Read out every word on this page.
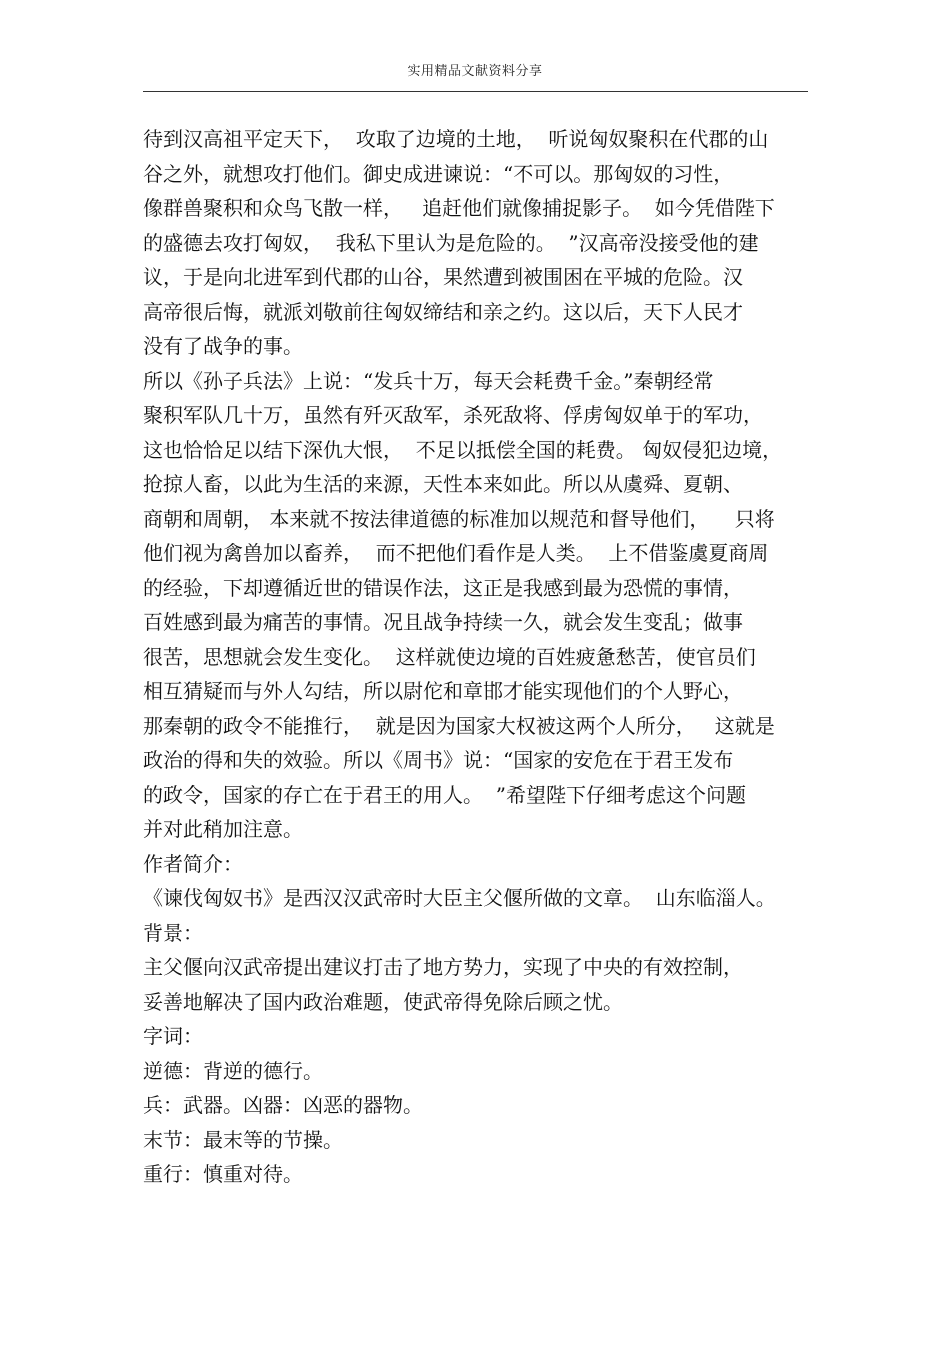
实用精品文献资料分享
待到汉高祖平定天下，  攻取了边境的土地，  听说匈奴聚积在代郡的山
谷之外，就想攻打他们。御史成进谏说：“不可以。那匈奴的习性，
像群兽聚积和众鸟飞散一样，   追赶他们就像捕捉影子。  如今凭借陛下
的盛德去攻打匈奴，  我私下里认为是危险的。  ”汉高帝没接受他的建
议，于是向北进军到代郡的山谷，果然遭到被围困在平城的危险。汉
高帝很后悔，就派刘敬前往匈奴缔结和亲之约。这以后，天下人民才
没有了战争的事。
所以《孙子兵法》上说：“发兵十万，每天会耗费千金。”秦朝经常
聚积军队几十万，虽然有歼灭敌军，杀死敌将、俘虏匈奴单于的军功，
这也恰恰足以结下深仇大恨，  不足以抵偿全国的耗费。 匈奴侵犯边境，
抢掠人畜，以此为生活的来源，天性本来如此。所以从虞舜、夏朝、
商朝和周朝， 本来就不按法律道德的标准加以规范和督导他们，    只将
他们视为禽兽加以畜养，  而不把他们看作是人类。  上不借鉴虞夏商周
的经验，下却遵循近世的错误作法，这正是我感到最为恐慌的事情，
百姓感到最为痛苦的事情。况且战争持续一久，就会发生变乱；做事
很苦，思想就会发生变化。  这样就使边境的百姓疲惫愁苦，使官员们
相互猜疑而与外人勾结，所以尉佗和章邯才能实现他们的个人野心，
那秦朝的政令不能推行，  就是因为国家大权被这两个人所分，   这就是
政治的得和失的效验。所以《周书》说：“国家的安危在于君王发布
的政令，国家的存亡在于君王的用人。  ”希望陛下仔细考虑这个问题
并对此稍加注意。
作者简介：
《谏伐匈奴书》是西汉汉武帝时大臣主父偃所做的文章。  山东临淄人。
背景：
主父偃向汉武帝提出建议打击了地方势力，实现了中央的有效控制，
妥善地解决了国内政治难题，使武帝得免除后顾之忧。
字词：
逆德：背逆的德行。
兵：武器。凶器：凶恶的器物。
末节：最末等的节操。
重行：慎重对待。
